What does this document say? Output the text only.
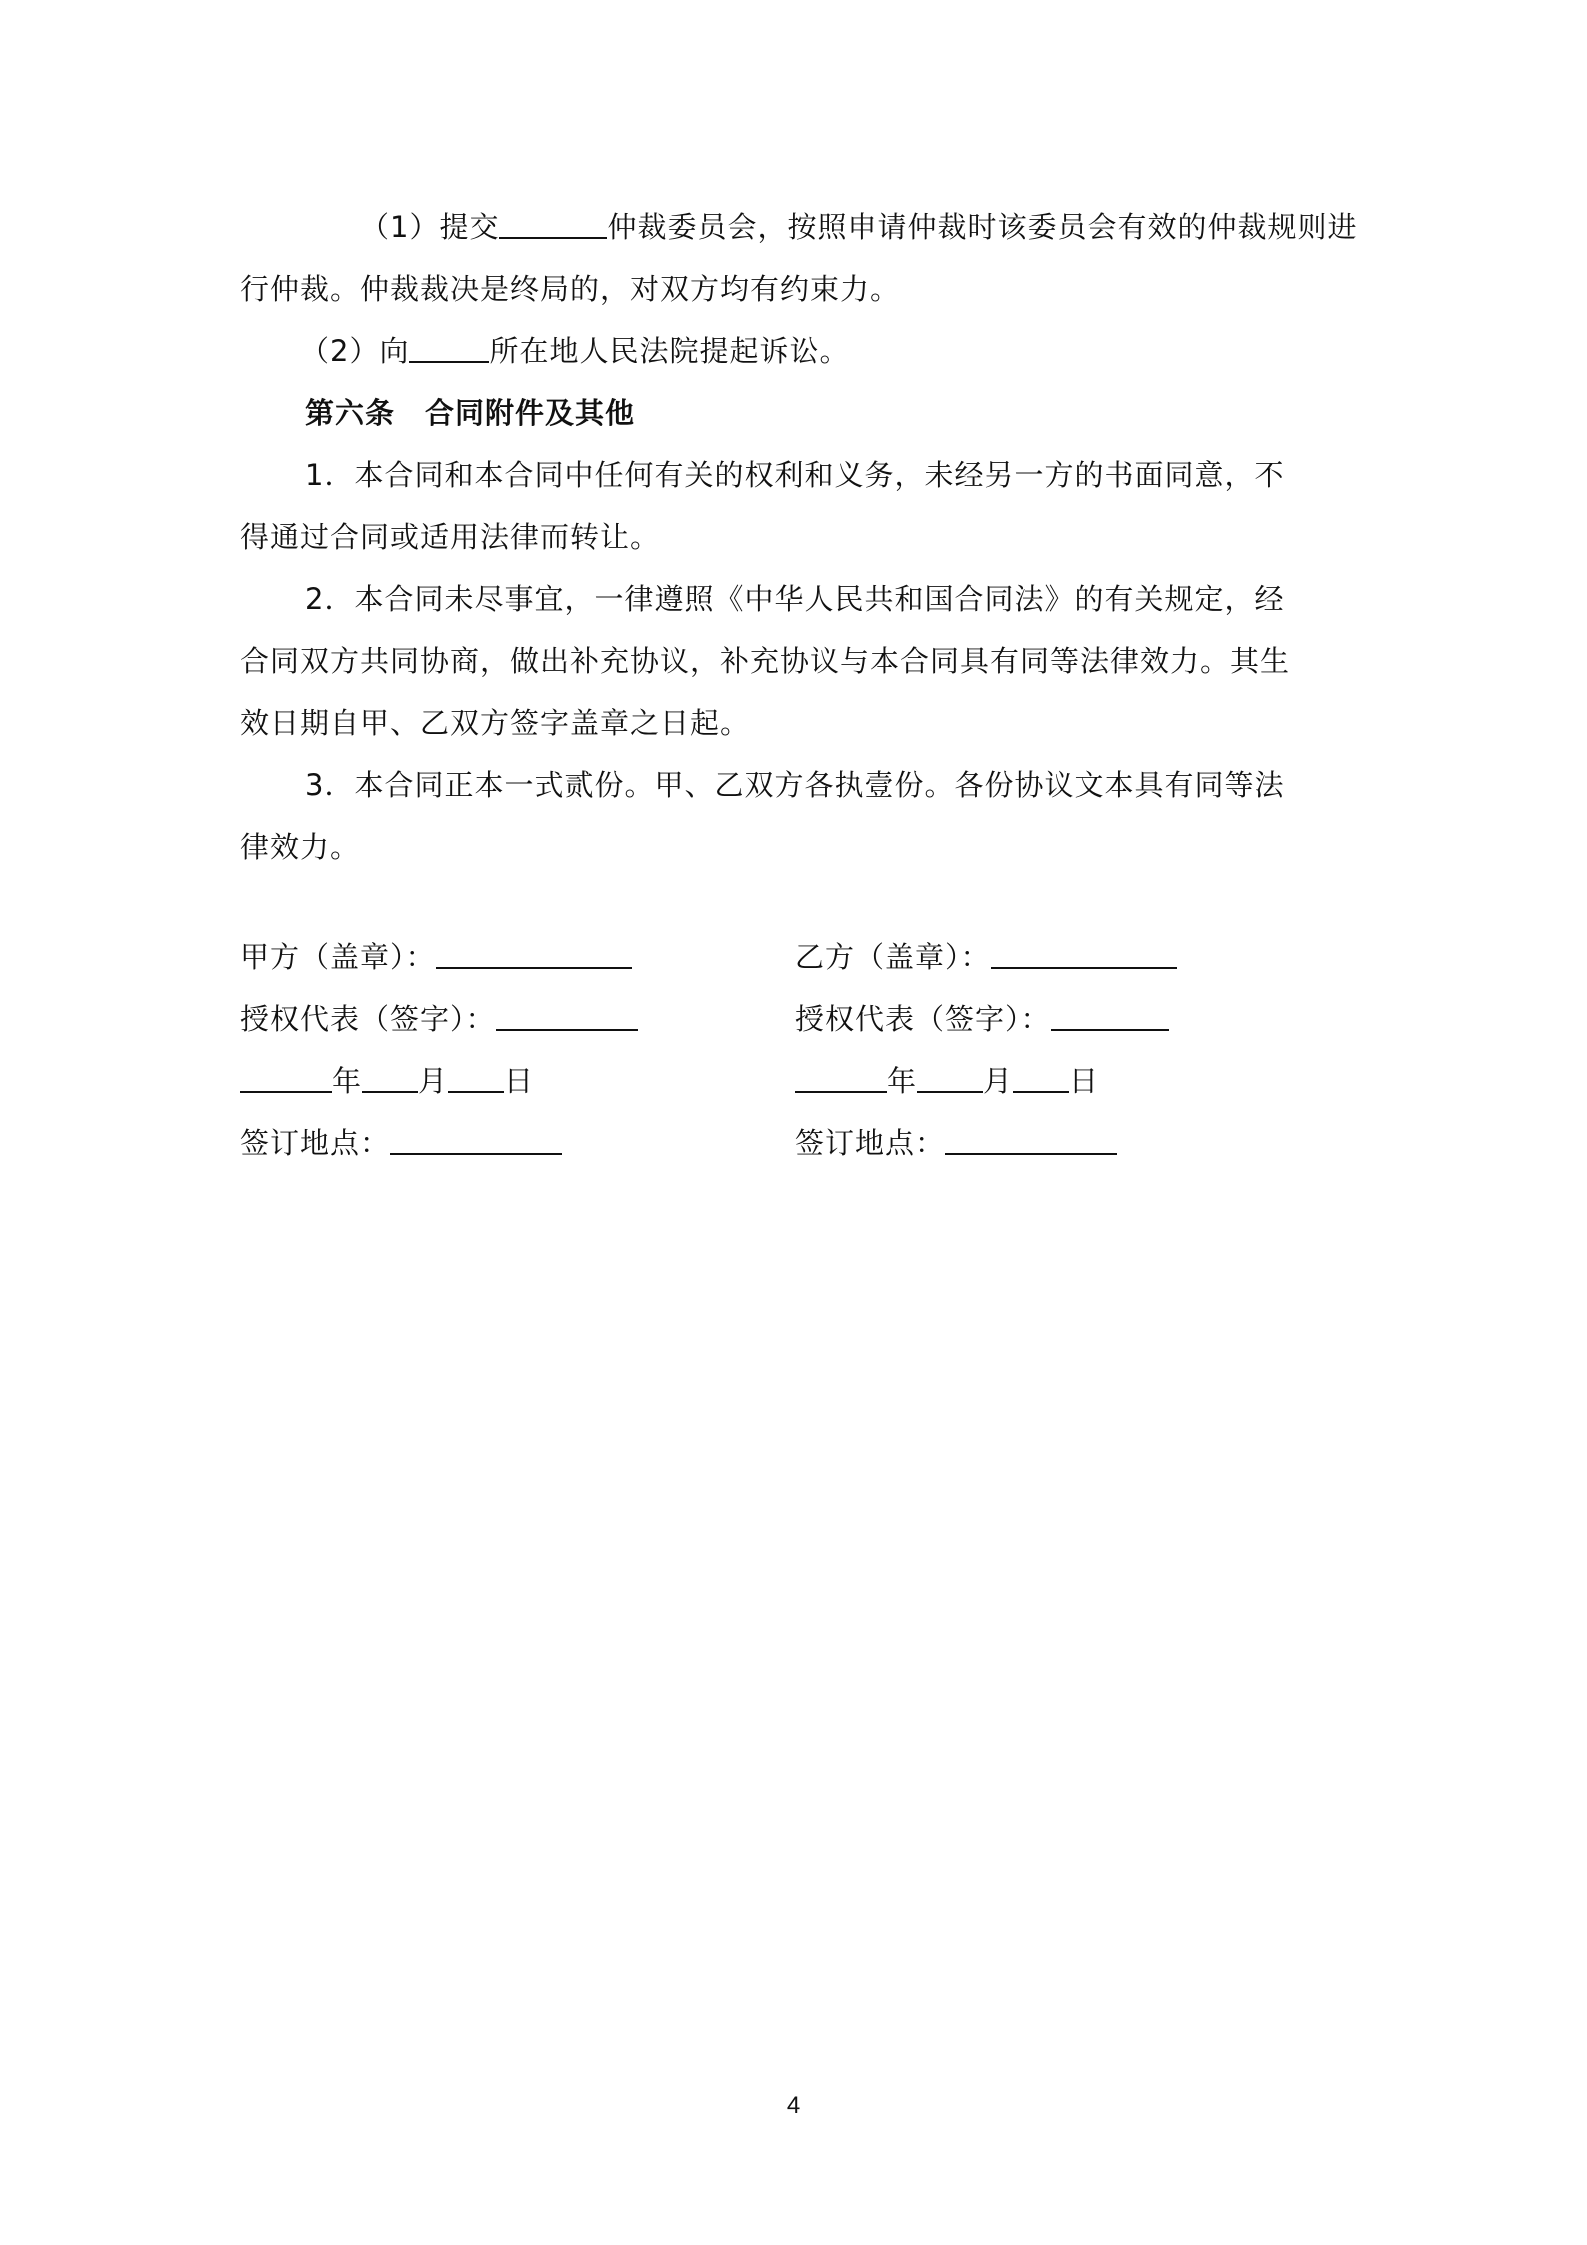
（1）提交	仲裁委员会，按照申请仲裁时该委员会有效的仲裁规则进
行仲裁。仲裁裁决是终局的，对双方均有约束力。
（2）向	所在地人民法院提起诉讼。
第六条　合同附件及其他
1．本合同和本合同中任何有关的权利和义务，未经另一方的书面同意，不
得通过合同或适用法律而转让。
2．本合同未尽事宜，一律遵照《中华人民共和国合同法》的有关规定，经
合同双方共同协商，做出补充协议，补充协议与本合同具有同等法律效力。其生
效日期自甲、乙双方签字盖章之日起。
3．本合同正本一式贰份。甲、乙双方各执壹份。各份协议文本具有同等法
律效力。
甲方（盖章）：
授权代表（签字）：
年 月 日
签订地点：
乙方（盖章）：
授权代表（签字）：
年 月 日
签订地点：
4
